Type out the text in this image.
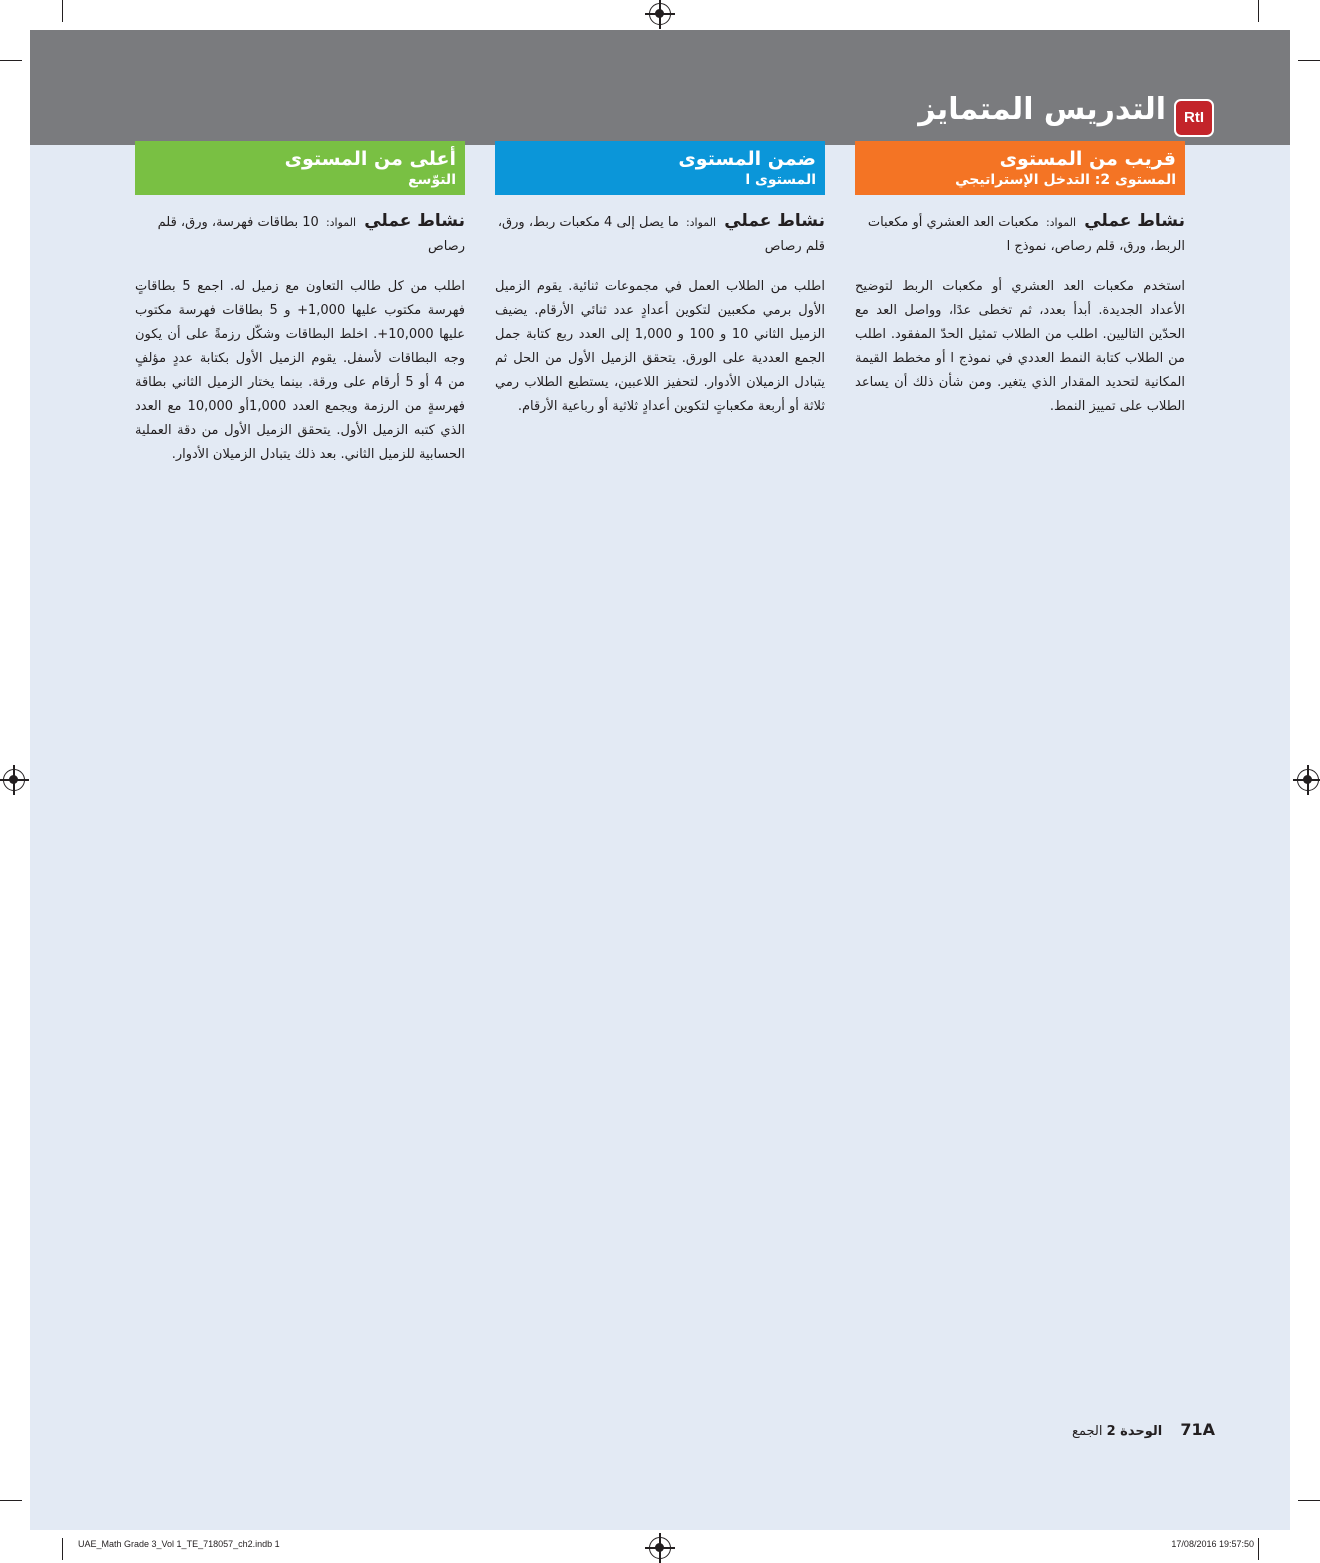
التدريس المتمايز	RtI
قريب من المستوى
المستوى 2: التدخل الإستراتيجي
نشاط عملي المواد: مكعبات العد العشري أو مكعبات الربط، ورق، قلم رصاص، نموذج ا
استخدم مكعبات العد العشري أو مكعبات الربط لتوضيح الأعداد الجديدة. أبدأ بعدد، ثم تخطى عدًا، وواصل العد مع الحدّين التاليين. اطلب من الطلاب تمثيل الحدّ المفقود. اطلب من الطلاب كتابة النمط العددي في نموذج ا أو مخطط القيمة المكانية لتحديد المقدار الذي يتغير. ومن شأن ذلك أن يساعد الطلاب على تمييز النمط.
ضمن المستوى
المستوى ا
نشاط عملي المواد: ما يصل إلى 4 مكعبات ربط، ورق، قلم رصاص
اطلب من الطلاب العمل في مجموعات ثنائية. يقوم الزميل الأول برمي مكعبين لتكوين أعدادٍ عدد ثنائي الأرقام. يضيف الزميل الثاني 10 و 100 و 1,000 إلى العدد ربع كتابة جمل الجمع العددية على الورق. يتحقق الزميل الأول من الحل ثم يتبادل الزميلان الأدوار. لتحفيز اللاعبين، يستطيع الطلاب رمي ثلاثة أو أربعة مكعباتٍ لتكوين أعدادٍ ثلاثية أو رباعية الأرقام.
أعلى من المستوى
التوّسع
نشاط عملي المواد: 10 بطاقات فهرسة، ورق، قلم رصاص
اطلب من كل طالب التعاون مع زميل له. اجمع 5 بطاقاتٍ فهرسة مكتوب عليها 1,000+ و 5 بطاقات فهرسة مكتوب عليها 10,000+. اخلط البطاقات وشكّل رزمةً على أن يكون وجه البطاقات لأسفل. يقوم الزميل الأول بكتابة عددٍ مؤلفٍ من 4 أو 5 أرقام على ورقة. بينما يختار الزميل الثاني بطاقة فهرسةٍ من الرزمة ويجمع العدد 1,000أو 10,000 مع العدد الذي كتبه الزميل الأول. يتحقق الزميل الأول من دقة العملية الحسابية للزميل الثاني. بعد ذلك يتبادل الزميلان الأدوار.
71A الوحدة 2 الجمع
UAE_Math Grade 3_Vol 1_TE_718057_ch2.indb 1	17/08/2016 19:57:50
